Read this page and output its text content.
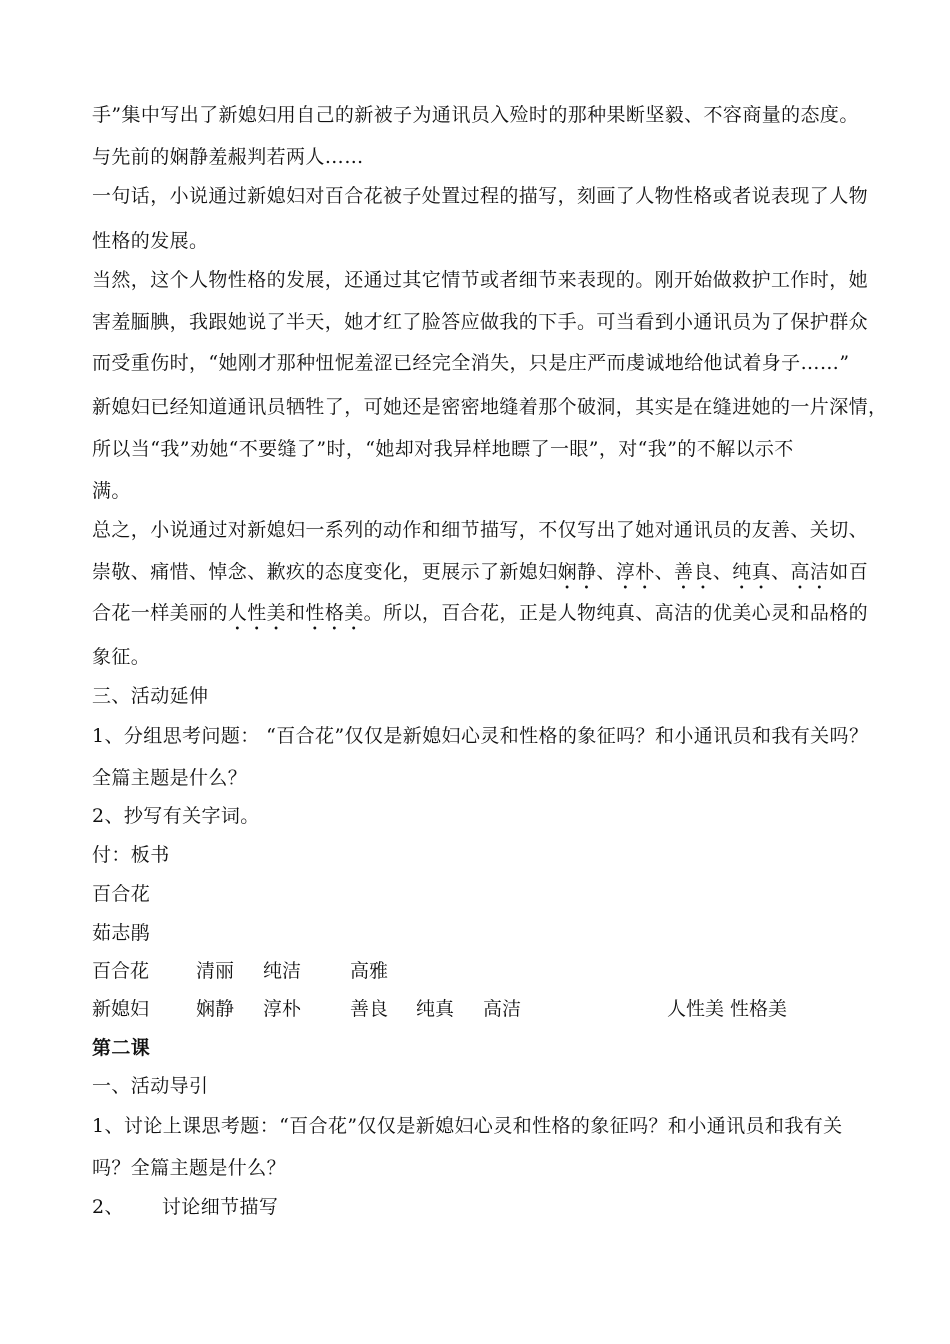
手”集中写出了新媳妇用自己的新被子为通讯员入殓时的那种果断坚毅、不容商量的态度。
与先前的娴静羞赧判若两人……
一句话，小说通过新媳妇对百合花被子处置过程的描写，刻画了人物性格或者说表现了人物
性格的发展。
当然，这个人物性格的发展，还通过其它情节或者细节来表现的。刚开始做救护工作时，她
害羞腼腆，我跟她说了半天，她才红了脸答应做我的下手。可当看到小通讯员为了保护群众
而受重伤时，“她刚才那种忸怩羞涩已经完全消失，只是庄严而虔诚地给他试着身子……”
新媳妇已经知道通讯员牺牲了，可她还是密密地缝着那个破洞，其实是在缝进她的一片深情，
所以当“我”劝她“不要缝了”时，“她却对我异样地瞟了一眼”，对“我”的不解以示不
满。
总之，小说通过对新媳妇一系列的动作和细节描写，不仅写出了她对通讯员的友善、关切、
崇敬、痛惜、悼念、歉疚的态度变化，更展示了新媳妇娴静、淳朴、善良、纯真、高洁如百
合花一样美丽的人性美和性格美。所以，百合花，正是人物纯真、高洁的优美心灵和品格的
象征。
三、活动延伸
1、分组思考问题： “百合花”仅仅是新媳妇心灵和性格的象征吗？和小通讯员和我有关吗？
全篇主题是什么？
2、抄写有关字词。
付：板书
百合花
茹志鹃
百合花 清丽 纯洁	高雅
新媳妇 娴静 淳朴	善良 纯真 高洁	人性美 性格美
第二课
一、活动导引
1、讨论上课思考题：“百合花”仅仅是新媳妇心灵和性格的象征吗？和小通讯员和我有关
吗？全篇主题是什么？
2、 讨论细节描写
